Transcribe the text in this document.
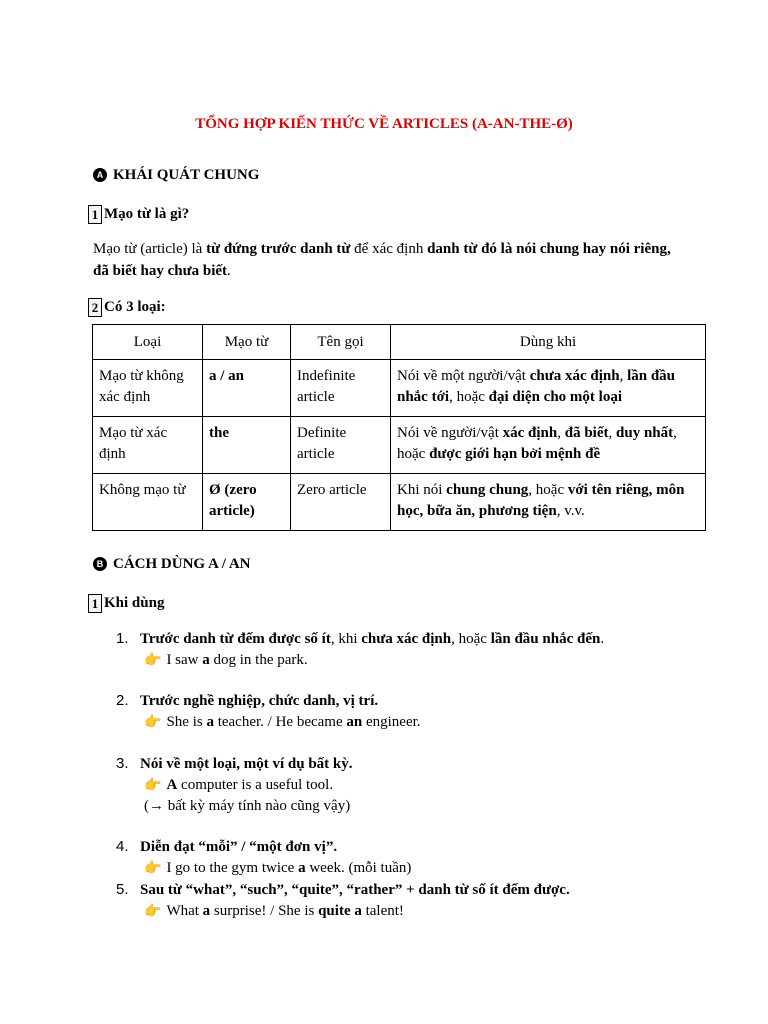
TỔNG HỢP KIẾN THỨC VỀ ARTICLES (A-AN-THE-Ø)
A KHÁI QUÁT CHUNG
1 Mạo từ là gì?
Mạo từ (article) là từ đứng trước danh từ để xác định danh từ đó là nói chung hay nói riêng, đã biết hay chưa biết.
2 Có 3 loại:
Loại	Mạo từ	Tên gọi	Dùng khi
Mạo từ không xác định	a / an	Indefinite article	Nói về một người/vật chưa xác định, lần đầu nhắc tới, hoặc đại diện cho một loại
Mạo từ xác định	the	Definite article	Nói về người/vật xác định, đã biết, duy nhất, hoặc được giới hạn bởi mệnh đề
Không mạo từ	Ø (zero article)	Zero article	Khi nói chung chung, hoặc với tên riêng, môn học, bữa ăn, phương tiện, v.v.
B CÁCH DÙNG A / AN
1 Khi dùng
1. Trước danh từ đếm được số ít, khi chưa xác định, hoặc lần đầu nhắc đến.
👉 I saw a dog in the park.
2. Trước nghề nghiệp, chức danh, vị trí.
👉 She is a teacher. / He became an engineer.
3. Nói về một loại, một ví dụ bất kỳ.
👉 A computer is a useful tool.
(→ bất kỳ máy tính nào cũng vậy)
4. Diễn đạt “mỗi” / “một đơn vị”.
👉 I go to the gym twice a week. (mỗi tuần)
5. Sau từ “what”, “such”, “quite”, “rather” + danh từ số ít đếm được.
👉 What a surprise! / She is quite a talent!
